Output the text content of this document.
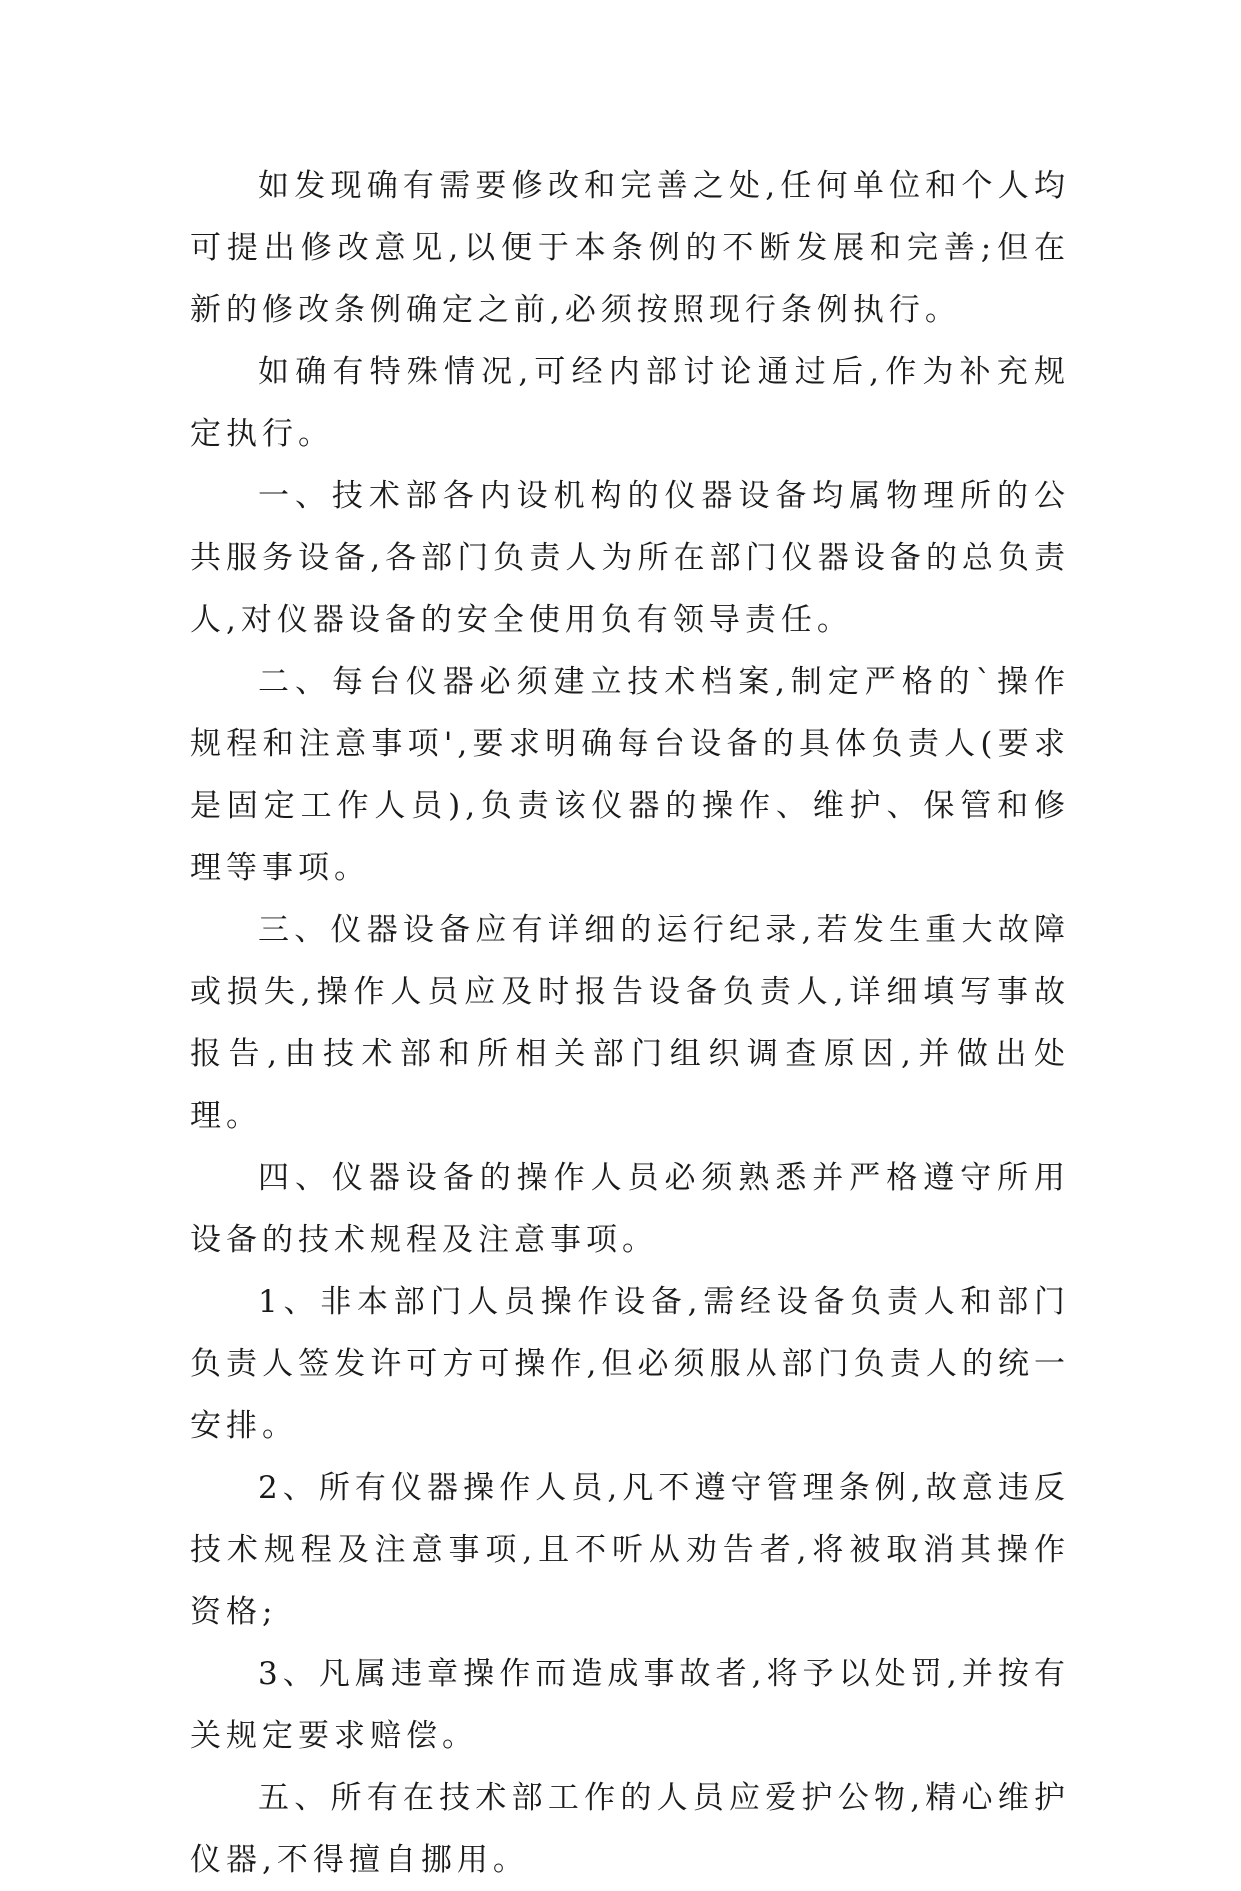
如发现确有需要修改和完善之处,任何单位和个人均可提出修改意见,以便于本条例的不断发展和完善;但在新的修改条例确定之前,必须按照现行条例执行。

如确有特殊情况,可经内部讨论通过后,作为补充规定执行。

一、技术部各内设机构的仪器设备均属物理所的公共服务设备,各部门负责人为所在部门仪器设备的总负责人,对仪器设备的安全使用负有领导责任。

二、每台仪器必须建立技术档案,制定严格的`操作规程和注意事项',要求明确每台设备的具体负责人(要求是固定工作人员),负责该仪器的操作、维护、保管和修理等事项。

三、仪器设备应有详细的运行纪录,若发生重大故障或损失,操作人员应及时报告设备负责人,详细填写事故报告,由技术部和所相关部门组织调查原因,并做出处理。

四、仪器设备的操作人员必须熟悉并严格遵守所用设备的技术规程及注意事项。

1、非本部门人员操作设备,需经设备负责人和部门负责人签发许可方可操作,但必须服从部门负责人的统一安排。

2、所有仪器操作人员,凡不遵守管理条例,故意违反技术规程及注意事项,且不听从劝告者,将被取消其操作资格;

3、凡属违章操作而造成事故者,将予以处罚,并按有关规定要求赔偿。

五、所有在技术部工作的人员应爱护公物,精心维护仪器,不得擅自挪用。
